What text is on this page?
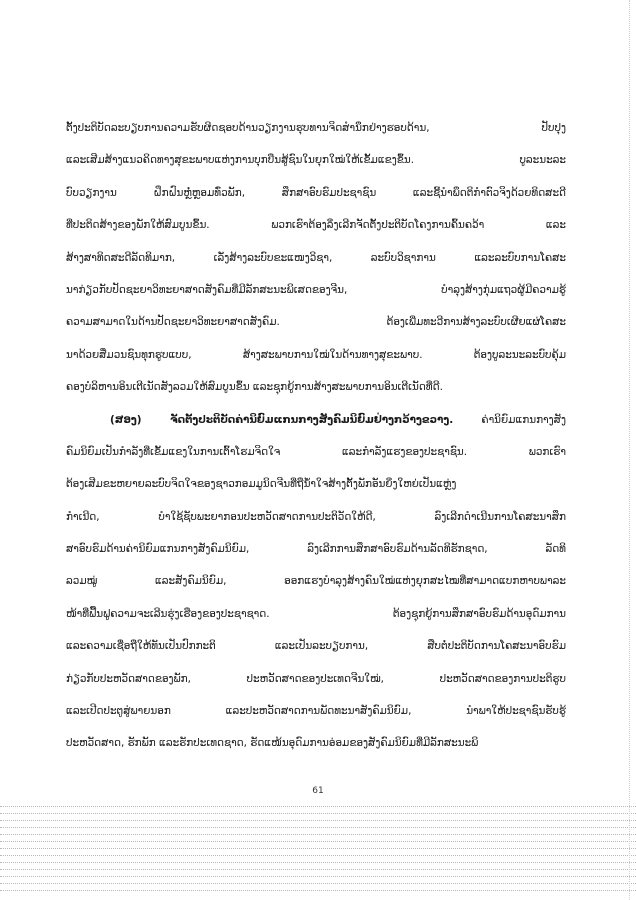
ຕັ້ງປະຕິບັດລະບຽບການຄວາມຮັບຜິດຊອບດ້ານວຽກງານຮຸບທານຈິດສຳນຶກຢ່າງຮອບດ້ານ, ປັບປຸງ
ແລະເສີມສ້າງແນວຄິດທາງສຸຂະພາບແຫ່ງການບຸກບືນສູ້ຊົນໃນຍຸກໃໝ່ໃຫ້ເຂັ້ມແຂງຂຶ້ນ. ບູລະນະລະ
ບົບວຽກງານ ຝຶກຝົນຫຼໍ່ຫຼອມທົ່ວພັກ, ສຶກສາອົບຮົມປະຊາຊົນ ແລະຊີ້ນໍາພຶດຕິກຳຕົວຈິງດ້ວຍທິດສະດີ
ທີ່ປະຕິດສ້າງຂອງພັກໃຫ້ສົມບູນຂຶ້ນ. ພວກເຮົາຕ້ອງລິ່ງເລີກຈັດຕັ້ງປະຕິບັດໂຄງການຄົ້ນຄວ້າ ແລະ
ສ້າງສາທິດສະດີລັດທິມາກ, ເລັ່ງສ້າງລະບົບຂະແໜງວິຊາ, ລະບົບວິຊາການ ແລະລະບົບການໂຄສະ
ນາກ່ຽວກັບປັດຊະຍາວິທະຍາສາດສັງຄົມທີ່ມີລັກສະນະພິເສດຂອງຈີນ, ບຳລຸງສ້າງກຸ່ມແຖວຜູ້ມີຄວາມຮູ້
ຄວາມສາມາດໃນດ້ານປັດຊະຍາວິທະຍາສາດສັງຄົມ. ຕ້ອງເພີ່ມທະວີການສ້າງລະບົບເຜີຍແຜ່ໂຄສະ
ນາດ້ວຍສື່ມວນຊົນທຸກຮູບແບບ, ສ້າງສະພາບການໃໝ່ໃນດ້ານທາງສຸຂະພາບ. ຕ້ອງບູລະນະລະບົບຄຸ້ມ
ຄອງບໍລິຫານອິນເຕີເນັດສັງລວມໃຫ້ສົມບູນຂຶ້ນ ແລະຊຸກຍູ້ການສ້າງສະພາບການອິນເຕີເນັດທີ່ດີ.
(ສອງ) ຈັດຕັ້ງປະຕິບັດຄ່ານິຍົມແກນກາງສັງຄົມນິຍົມຢ່າງກວ້າງຂວາງ. ຄ່ານິຍົມແກນກາງສັງ
ຄົມນິຍົມເປັນກຳລັງທີ່ເຂັ້ມແຂງໃນການເຕົ້າໂຮມຈິດໃຈ ແລະກຳລັງແຮງຂອງປະຊາຊົນ. ພວກເຮົາ
ຕ້ອງເສີມຂະຫຍາຍລະບົບຈິດໃຈຂອງຊາວກອມມູນິດຈີນທີ່ຖືນ້ຳໃຈສ້າງຕັ້ງພັກອັນຍິ່ງໃຫຍ່ເປັນແຫຼ່ງ
ກຳເນີດ, ບຳໃຊ້ຊັບພະຍາກອນປະຫວັດສາດການປະຕິວັດໃຫ້ດີ, ລົງເລີກດຳເນີນການໂຄສະນາສຶກ
ສາອົບຮົມດ້ານຄ່ານິຍົມແກນກາງສັງຄົມນິຍົມ, ລົງເລີກການສຶກສາອົບຮົມດ້ານລັດທິຮັກຊາດ, ລັດທິ
ລວມໝູ່ ແລະສັງຄົມນິຍົມ, ອອກແຮງບໍາລຸງສ້າງຄົນໃໝ່ແຫ່ງຍຸກສະໄໝທີ່ສາມາດແບກຫາບພາລະ
ໜ້າທີ່ຟື້ນຟູຄວາມຈະເລີນຮຸ່ງເຮືອງຂອງປະຊາຊາດ. ຕ້ອງຊຸກຍູ້ການສຶກສາອົບຮົມດ້ານອຸດົມການ
ແລະຄວາມເຊື່ອຖືໃຫ້ທັນເປັນປົກກະຕິ ແລະເປັນລະບຽບການ, ສືບຕໍ່ປະຕິບັດການໂຄສະນາອົບຮົມ
ກ່ຽວກັບປະຫວັດສາດຂອງພັກ, ປະຫວັດສາດຂອງປະເທດຈີນໃໝ່, ປະຫວັດສາດຂອງການປະຕິຮູບ
ແລະເປີດປະຕູສູ່ພາຍນອກ ແລະປະຫວັດສາດການພັດທະນາສັງຄົມນິຍົມ, ນຳພາໃຫ້ປະຊາຊົນຮັບຮູ້
ປະຫວັດສາດ, ຮັກພັກ ແລະຮັກປະເທດຊາດ, ຮັດແໜ້ນອຸດົມການອ່ອມຂອງສັງຄົມນິຍົມທີ່ມີລັກສະນະພິ
61
